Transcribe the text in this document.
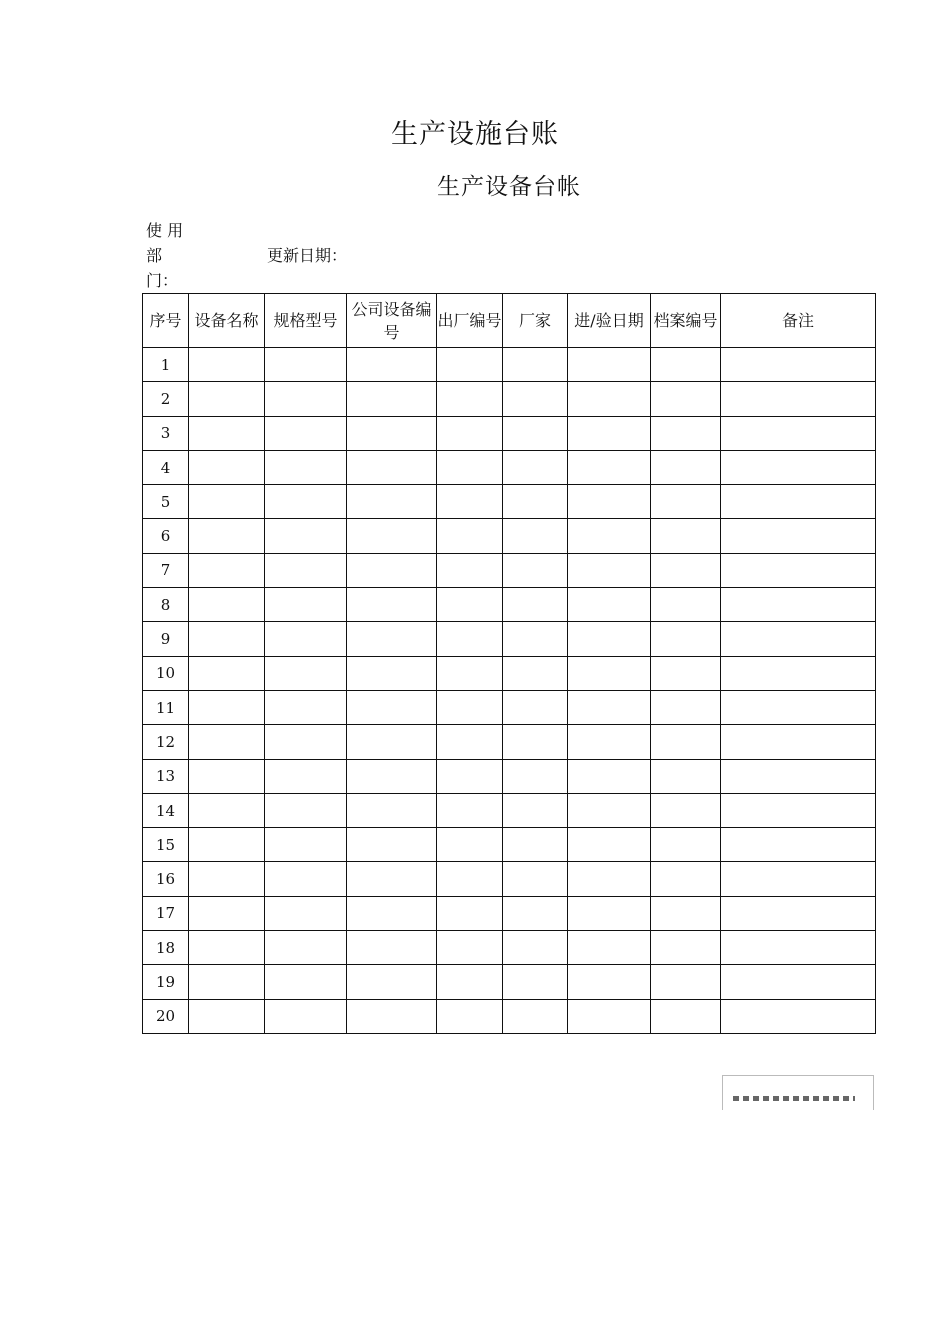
生产设施台账
生产设备台帐
使 用
部
门：
更新日期：
序号	设备名称	规格型号	公司设备编号	出厂编号	厂家	进/验日期	档案编号	备注
1								
2								
3								
4								
5								
6								
7								
8								
9								
10								
11								
12								
13								
14								
15								
16								
17								
18								
19								
20								
